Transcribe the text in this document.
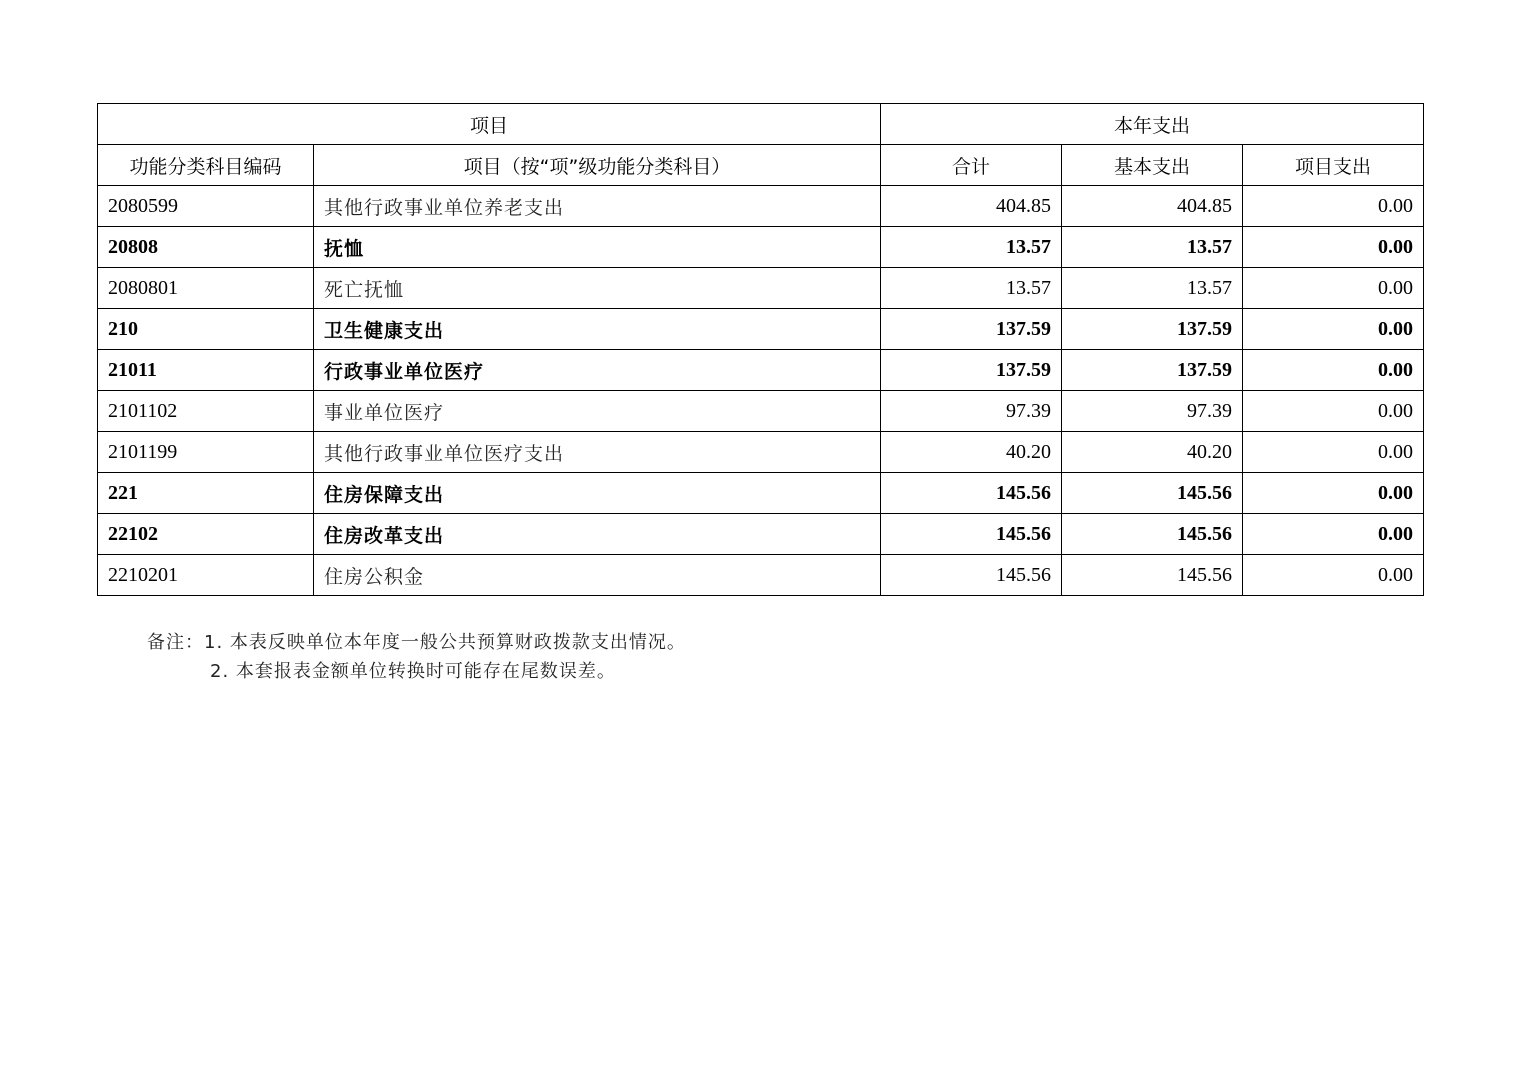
项目		本年支出		
功能分类科目编码	项目（按“项”级功能分类科目）	合计	基本支出	项目支出
2080599	其他行政事业单位养老支出	404.85	404.85	0.00
20808	抚恤	13.57	13.57	0.00
2080801	死亡抚恤	13.57	13.57	0.00
210	卫生健康支出	137.59	137.59	0.00
21011	行政事业单位医疗	137.59	137.59	0.00
2101102	事业单位医疗	97.39	97.39	0.00
2101199	其他行政事业单位医疗支出	40.20	40.20	0.00
221	住房保障支出	145.56	145.56	0.00
22102	住房改革支出	145.56	145.56	0.00
2210201	住房公积金	145.56	145.56	0.00
备注：1. 本表反映单位本年度一般公共预算财政拨款支出情况。
2. 本套报表金额单位转换时可能存在尾数误差。
